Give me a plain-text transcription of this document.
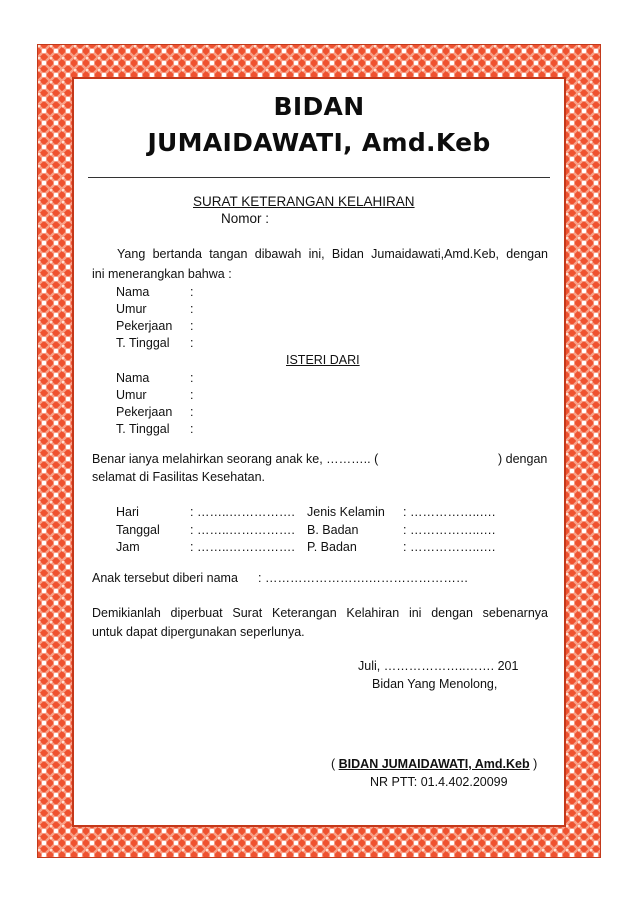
BIDAN
JUMAIDAWATI, Amd.Keb

SURAT KETERANGAN KELAHIRAN

Nomor :

Yang bertanda tangan dibawah ini, Bidan Jumaidawati,Amd.Keb, dengan

ini menerangkan bahwa :

Nama	:

Umur	:

Pekerjaan :

T. Tinggal :

ISTERI DARI

Nama	:

Umur	:

Pekerjaan :

T. Tinggal :

Benar ianya melahirkan seorang anak ke, ……….. (	) dengan

selamat di Fasilitas Kesehatan.

Hari	: ……..……………. Jenis Kelamin : ……………..….

Tanggal : ……..……………. B. Badan	: ……………..….

Jam	: ……..……………. P. Badan	: ……………..….

Anak tersebut diberi nama : …………………….……………………

Demikianlah diperbuat Surat Keterangan Kelahiran ini dengan sebenarnya

untuk dapat dipergunakan seperlunya.

Juli, ………………..……. 201

Bidan Yang Menolong,

( BIDAN JUMAIDAWATI, Amd.Keb )

NR PTT: 01.4.402.20099
